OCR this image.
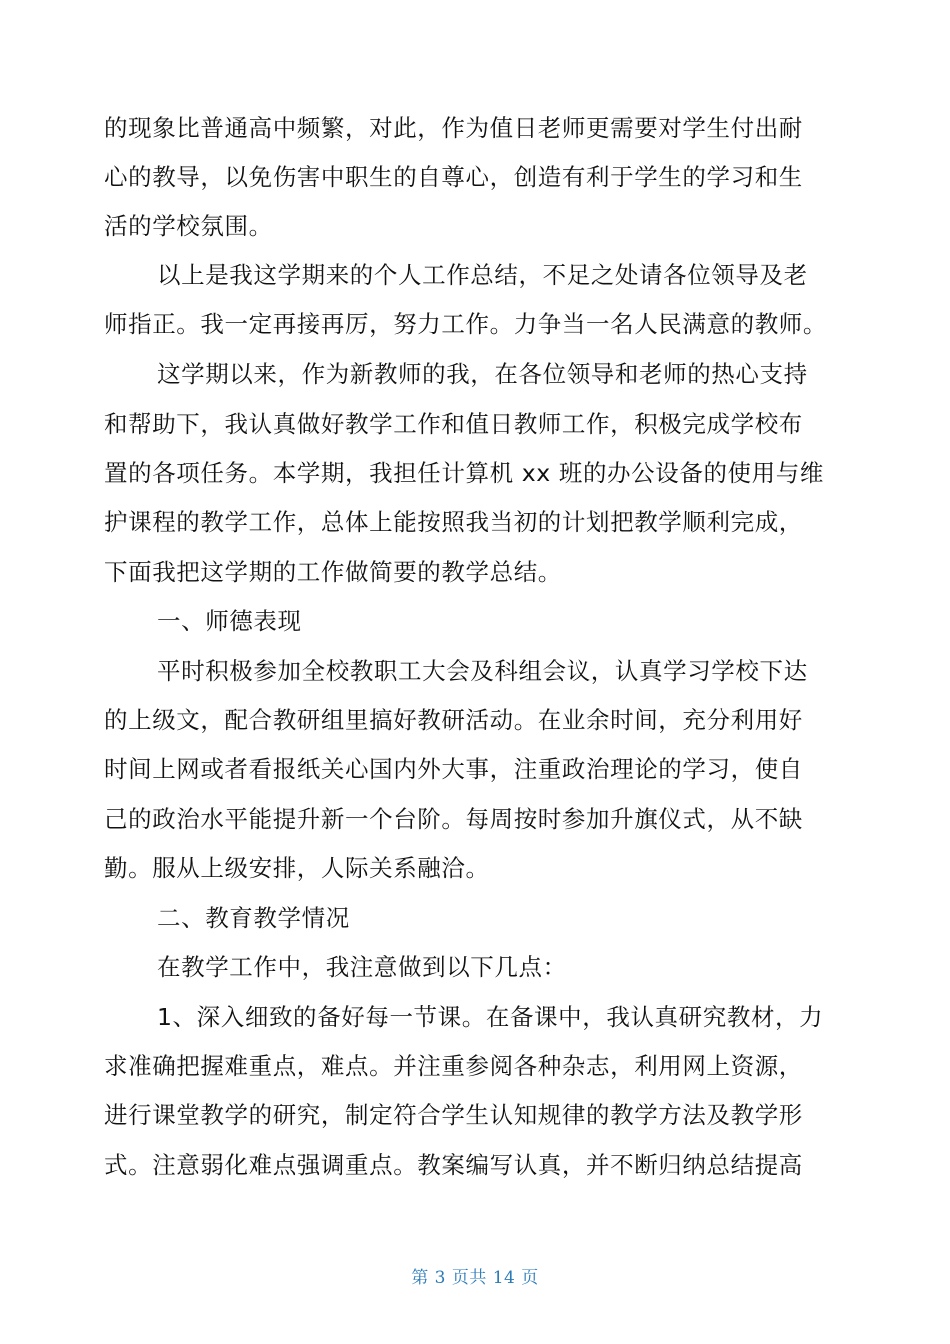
的现象比普通高中频繁，对此，作为值日老师更需要对学生付出耐
心的教导，以免伤害中职生的自尊心，创造有利于学生的学习和生
活的学校氛围。
以上是我这学期来的个人工作总结，不足之处请各位领导及老
师指正。我一定再接再厉，努力工作。力争当一名人民满意的教师。
这学期以来，作为新教师的我，在各位领导和老师的热心支持
和帮助下，我认真做好教学工作和值日教师工作，积极完成学校布
置的各项任务。本学期，我担任计算机 xx 班的办公设备的使用与维
护课程的教学工作，总体上能按照我当初的计划把教学顺利完成，
下面我把这学期的工作做简要的教学总结。
一、师德表现
平时积极参加全校教职工大会及科组会议，认真学习学校下达
的上级文，配合教研组里搞好教研活动。在业余时间，充分利用好
时间上网或者看报纸关心国内外大事，注重政治理论的学习，使自
己的政治水平能提升新一个台阶。每周按时参加升旗仪式，从不缺
勤。服从上级安排，人际关系融洽。
二、教育教学情况
在教学工作中，我注意做到以下几点：
1、深入细致的备好每一节课。在备课中，我认真研究教材，力
求准确把握难重点，难点。并注重参阅各种杂志，利用网上资源，
进行课堂教学的研究，制定符合学生认知规律的教学方法及教学形
式。注意弱化难点强调重点。教案编写认真，并不断归纳总结提高
第 3 页共 14 页
